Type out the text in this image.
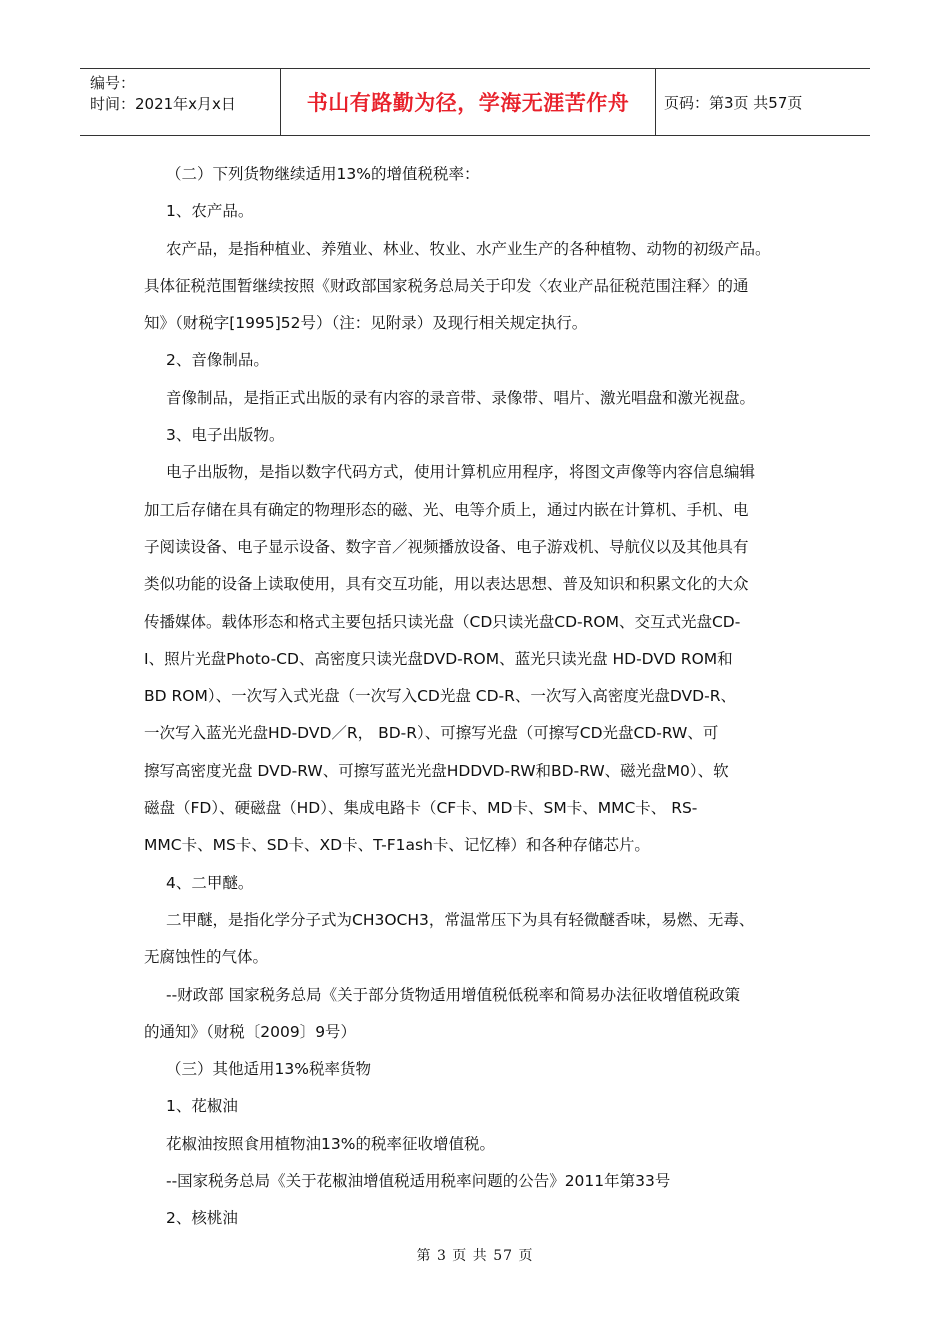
编号：
时间：2021年x月x日	书山有路勤为径，学海无涯苦作舟	页码：第3页 共57页

（二）下列货物继续适用13%的增值税税率：

1、农产品。

农产品，是指种植业、养殖业、林业、牧业、水产业生产的各种植物、动物的初级产品。

具体征税范围暂继续按照《财政部国家税务总局关于印发〈农业产品征税范围注释〉的通

知》（财税字[1995]52号）（注：见附录）及现行相关规定执行。

2、音像制品。

音像制品，是指正式出版的录有内容的录音带、录像带、唱片、激光唱盘和激光视盘。

3、电子出版物。

电子出版物，是指以数字代码方式，使用计算机应用程序，将图文声像等内容信息编辑

加工后存储在具有确定的物理形态的磁、光、电等介质上，通过内嵌在计算机、手机、电

子阅读设备、电子显示设备、数字音／视频播放设备、电子游戏机、导航仪以及其他具有

类似功能的设备上读取使用，具有交互功能，用以表达思想、普及知识和积累文化的大众

传播媒体。载体形态和格式主要包括只读光盘（CD只读光盘CD-ROM、交互式光盘CD-

I、照片光盘Photo-CD、高密度只读光盘DVD-ROM、蓝光只读光盘 HD-DVD ROM和

BD ROM）、一次写入式光盘（一次写入CD光盘 CD-R、一次写入高密度光盘DVD-R、

一次写入蓝光光盘HD-DVD／R， BD-R）、可擦写光盘（可擦写CD光盘CD-RW、可

擦写高密度光盘 DVD-RW、可擦写蓝光光盘HDDVD-RW和BD-RW、磁光盘M0）、软

磁盘（FD）、硬磁盘（HD）、集成电路卡（CF卡、MD卡、SM卡、MMC卡、 RS-

MMC卡、MS卡、SD卡、XD卡、T-F1ash卡、记忆棒）和各种存储芯片。

4、二甲醚。

二甲醚，是指化学分子式为CH3OCH3，常温常压下为具有轻微醚香味，易燃、无毒、

无腐蚀性的气体。

--财政部 国家税务总局《关于部分货物适用增值税低税率和简易办法征收增值税政策

的通知》（财税〔2009〕9号）

（三）其他适用13%税率货物

1、花椒油

花椒油按照食用植物油13%的税率征收增值税。

--国家税务总局《关于花椒油增值税适用税率问题的公告》2011年第33号

2、核桃油

第 3 页 共 57 页
